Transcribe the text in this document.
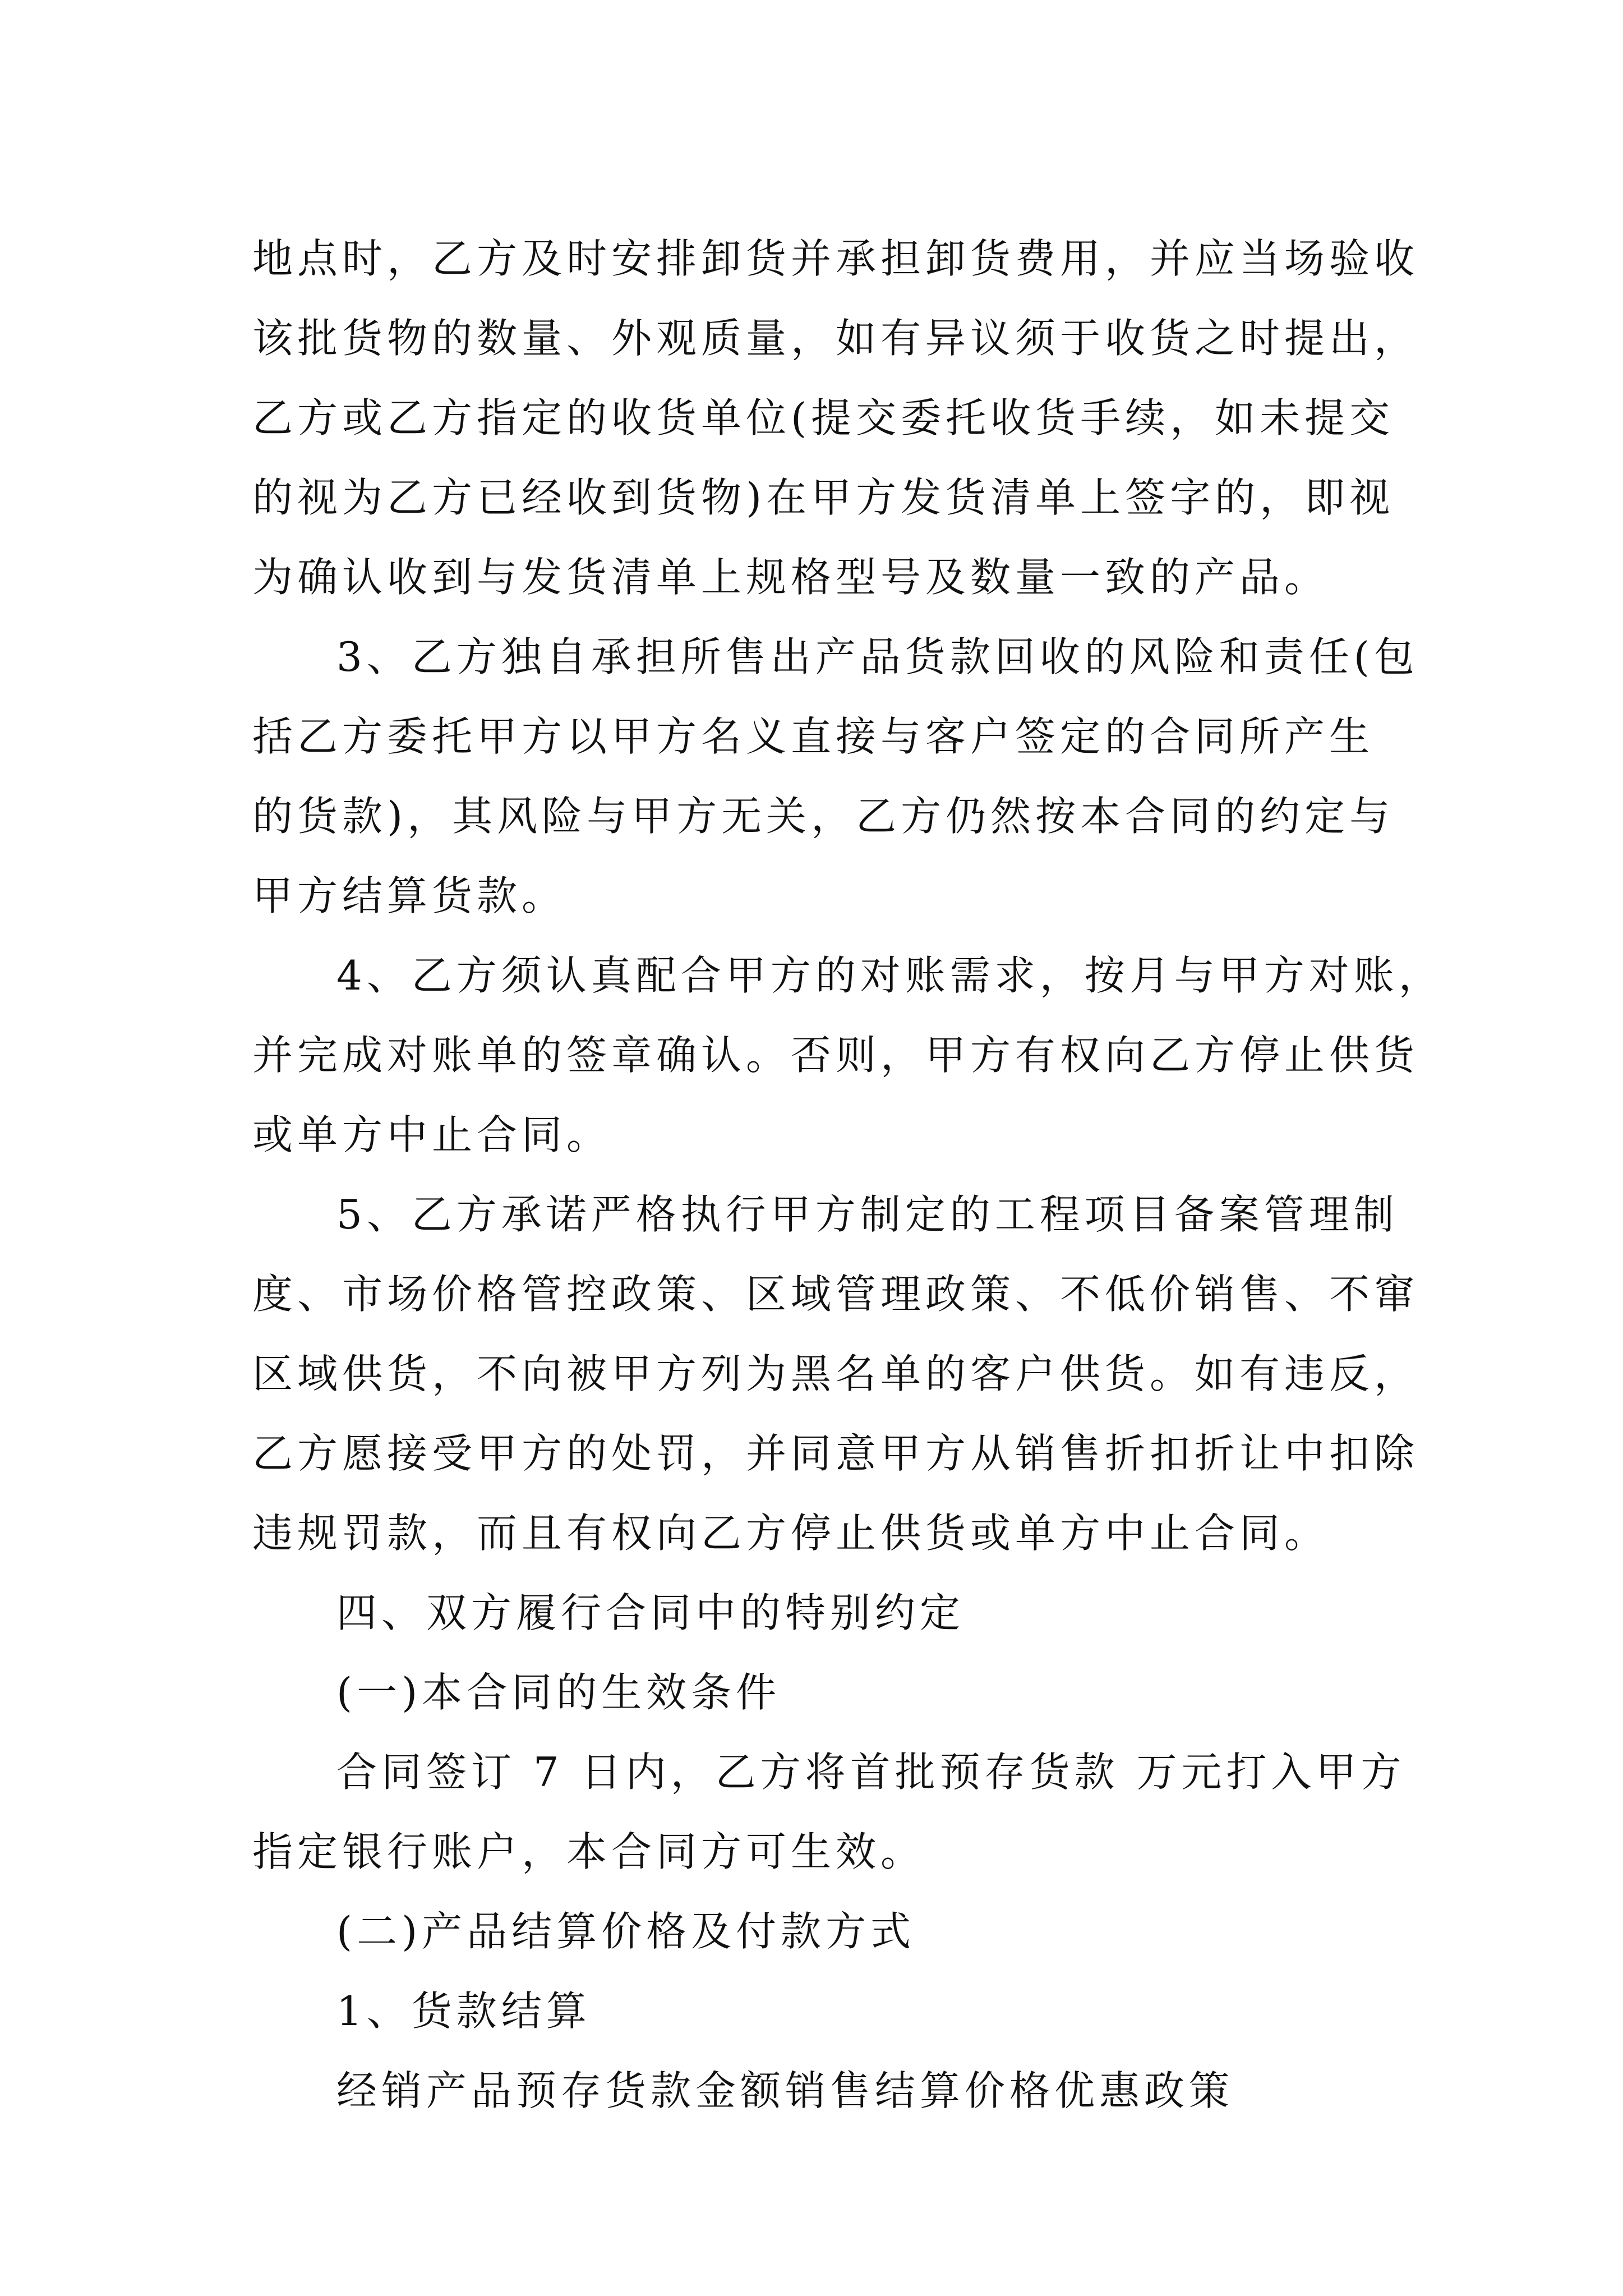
地点时，乙方及时安排卸货并承担卸货费用，并应当场验收
该批货物的数量、外观质量，如有异议须于收货之时提出，
乙方或乙方指定的收货单位(提交委托收货手续，如未提交
的视为乙方已经收到货物)在甲方发货清单上签字的，即视
为确认收到与发货清单上规格型号及数量一致的产品。
3、乙方独自承担所售出产品货款回收的风险和责任(包
括乙方委托甲方以甲方名义直接与客户签定的合同所产生
的货款)，其风险与甲方无关，乙方仍然按本合同的约定与
甲方结算货款。
4、乙方须认真配合甲方的对账需求，按月与甲方对账，
并完成对账单的签章确认。否则，甲方有权向乙方停止供货
或单方中止合同。
5、乙方承诺严格执行甲方制定的工程项目备案管理制
度、市场价格管控政策、区域管理政策、不低价销售、不窜
区域供货，不向被甲方列为黑名单的客户供货。如有违反，
乙方愿接受甲方的处罚，并同意甲方从销售折扣折让中扣除
违规罚款，而且有权向乙方停止供货或单方中止合同。
四、双方履行合同中的特别约定
(一)本合同的生效条件
合同签订 7 日内，乙方将首批预存货款 万元打入甲方
指定银行账户，本合同方可生效。
(二)产品结算价格及付款方式
1、货款结算
经销产品预存货款金额销售结算价格优惠政策
